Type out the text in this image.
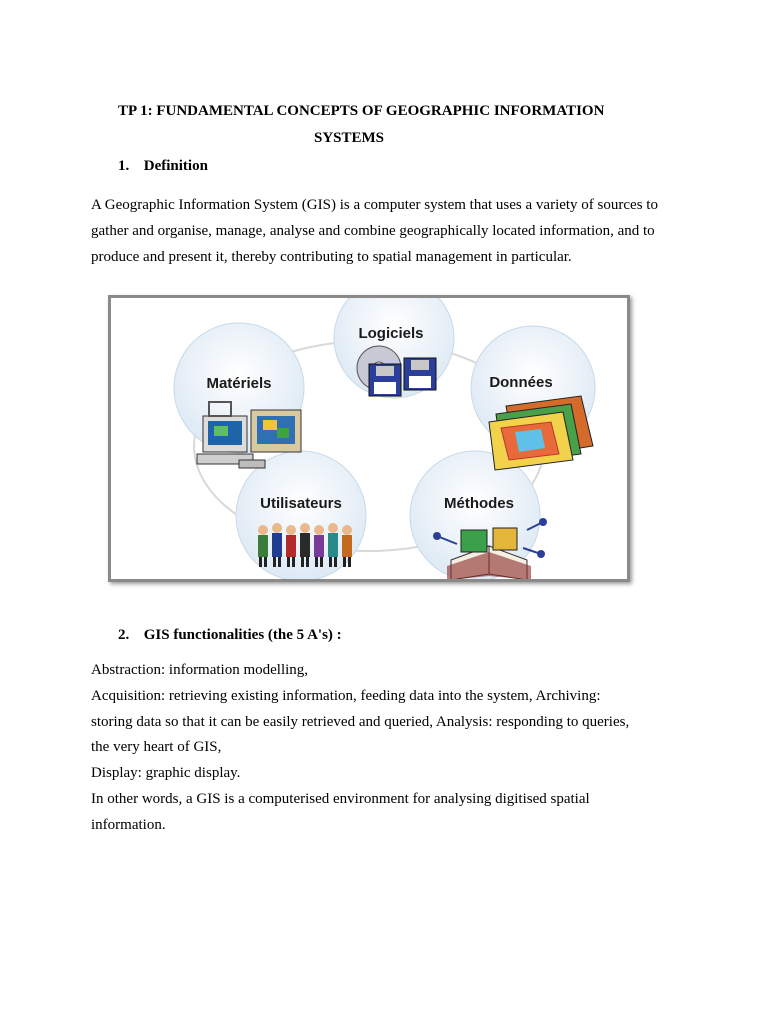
TP 1: FUNDAMENTAL CONCEPTS OF GEOGRAPHIC INFORMATION
SYSTEMS
1. Definition
A Geographic Information System (GIS) is a computer system that uses a variety of sources to
gather and organise, manage, analyse and combine geographically located information, and to
produce and present it, thereby contributing to spatial management in particular.
Logiciels
Matériels	Données
Utilisateurs	Méthodes
2. GIS functionalities (the 5 A's) :
Abstraction: information modelling,
Acquisition: retrieving existing information, feeding data into the system, Archiving:
storing data so that it can be easily retrieved and queried, Analysis: responding to queries,
the very heart of GIS,
Display: graphic display.
In other words, a GIS is a computerised environment for analysing digitised spatial
information.
